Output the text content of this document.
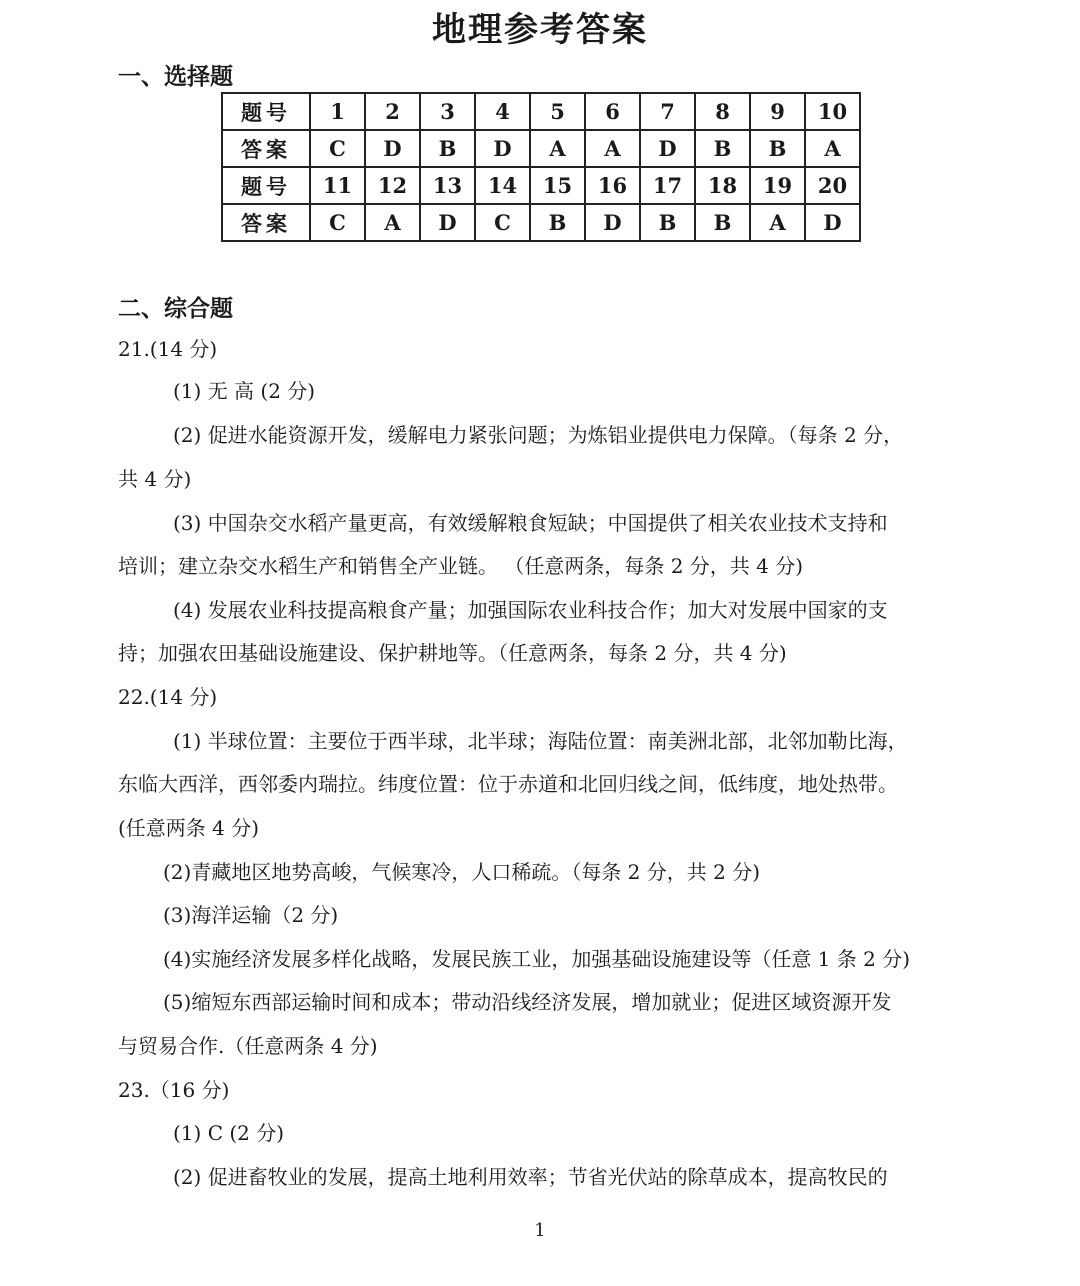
地理参考答案
一、选择题
题号	1	2	3	4	5	6	7	8	9	10
答案	C	D	B	D	A	A	D	B	B	A
题号	11	12	13	14	15	16	17	18	19	20
答案	C	A	D	C	B	D	B	B	A	D
二、综合题

21.(14 分)

(1) 无 高 (2 分)

(2) 促进水能资源开发，缓解电力紧张问题；为炼铝业提供电力保障。（每条 2 分，

共 4 分)

(3) 中国杂交水稻产量更高，有效缓解粮食短缺；中国提供了相关农业技术支持和

培训；建立杂交水稻生产和销售全产业链。 （任意两条，每条 2 分，共 4 分)

(4) 发展农业科技提高粮食产量；加强国际农业科技合作；加大对发展中国家的支

持；加强农田基础设施建设、保护耕地等。（任意两条，每条 2 分，共 4 分)

22.(14 分)

(1) 半球位置：主要位于西半球，北半球；海陆位置：南美洲北部，北邻加勒比海，

东临大西洋，西邻委内瑞拉。纬度位置：位于赤道和北回归线之间，低纬度，地处热带。

(任意两条 4 分)

(2)青藏地区地势高峻，气候寒冷，人口稀疏。（每条 2 分，共 2 分)

(3)海洋运输（2 分)

(4)实施经济发展多样化战略，发展民族工业，加强基础设施建设等（任意 1 条 2 分)

(5)缩短东西部运输时间和成本；带动沿线经济发展，增加就业；促进区域资源开发

与贸易合作.（任意两条 4 分)

23.（16 分)

(1) C (2 分)

(2) 促进畜牧业的发展，提高土地利用效率；节省光伏站的除草成本，提高牧民的

1
